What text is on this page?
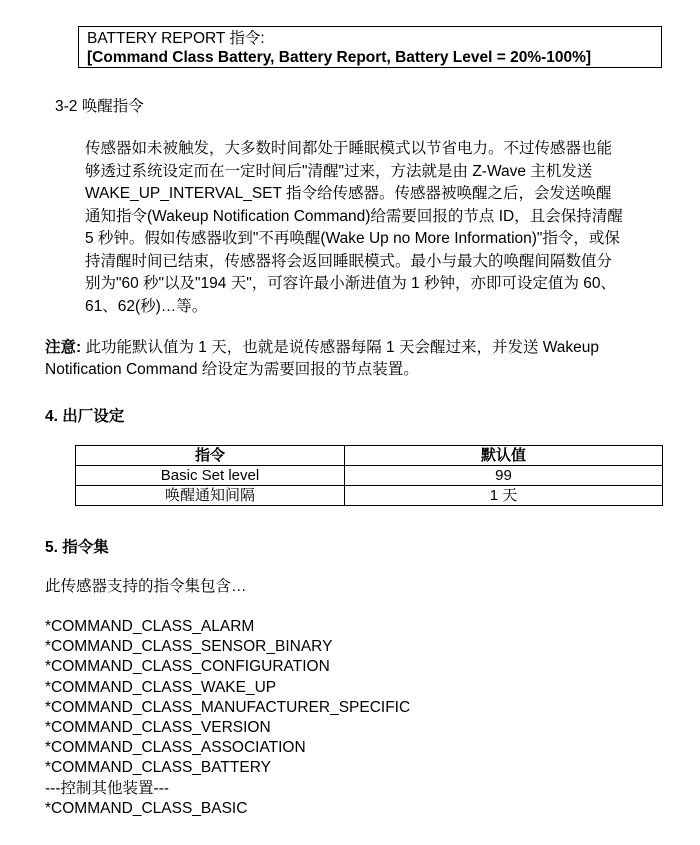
BATTERY REPORT 指令:
[Command Class Battery, Battery Report, Battery Level = 20%-100%]
3-2 唤醒指令
传感器如未被触发，大多数时间都处于睡眠模式以节省电力。不过传感器也能
够透过系统设定而在一定时间后"清醒"过来，方法就是由 Z-Wave 主机发送
WAKE_UP_INTERVAL_SET 指令给传感器。传感器被唤醒之后，会发送唤醒
通知指令(Wakeup Notification Command)给需要回报的节点 ID，且会保持清醒
5 秒钟。假如传感器收到"不再唤醒(Wake Up no More Information)"指令，或保
持清醒时间已结束，传感器将会返回睡眠模式。最小与最大的唤醒间隔数值分
别为"60 秒"以及"194 天"，可容许最小渐进值为 1 秒钟，亦即可设定值为 60、
61、62(秒)…等。
注意: 此功能默认值为 1 天，也就是说传感器每隔 1 天会醒过来，并发送 Wakeup
Notification Command 给设定为需要回报的节点装置。
4. 出厂设定
指令	默认值
Basic Set level	99
唤醒通知间隔	1 天
5. 指令集
此传感器支持的指令集包含…
*COMMAND_CLASS_ALARM
*COMMAND_CLASS_SENSOR_BINARY
*COMMAND_CLASS_CONFIGURATION
*COMMAND_CLASS_WAKE_UP
*COMMAND_CLASS_MANUFACTURER_SPECIFIC
*COMMAND_CLASS_VERSION
*COMMAND_CLASS_ASSOCIATION
*COMMAND_CLASS_BATTERY
---控制其他装置---
*COMMAND_CLASS_BASIC
